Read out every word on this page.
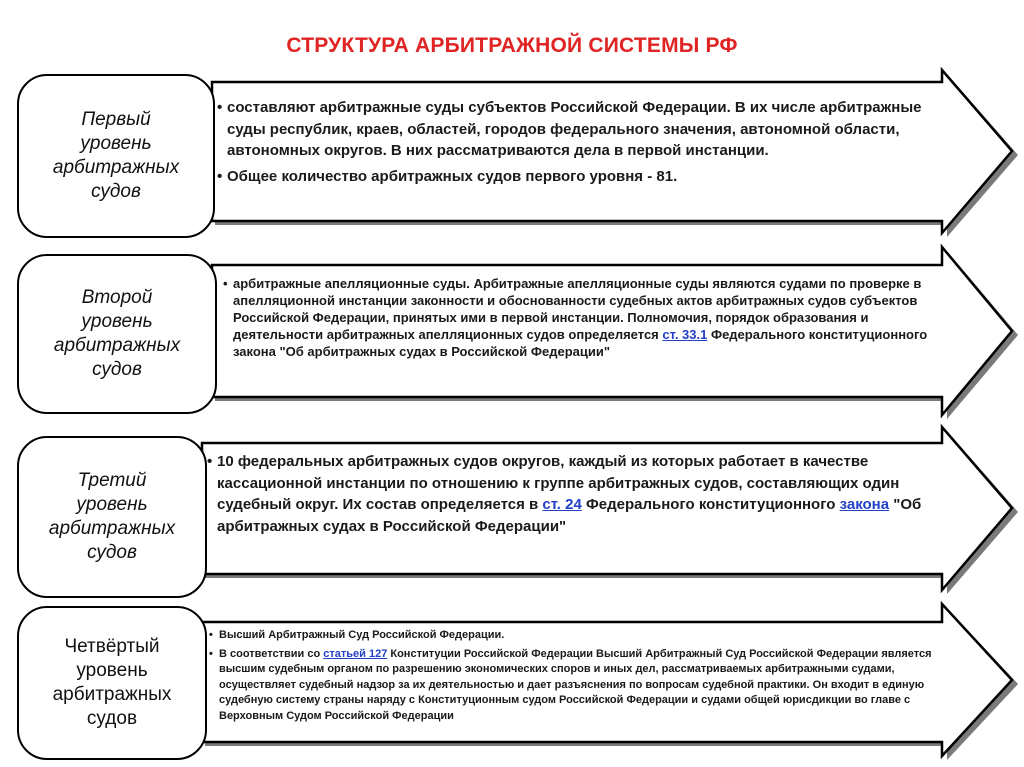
СТРУКТУРА АРБИТРАЖНОЙ СИСТЕМЫ РФ
Первый
уровень
арбитражных
судов
Второй
уровень
арбитражных
судов
Третий
уровень
арбитражных
судов
Четвёртый
уровень
арбитражных
судов
• составляют арбитражные суды субъектов Российской Федерации. В их числе арбитражные суды республик, краев, областей, городов федерального значения, автономной области, автономных округов. В них рассматриваются дела в первой инстанции.
• Общее количество арбитражных судов первого уровня - 81.
• арбитражные апелляционные суды. Арбитражные апелляционные суды являются судами по проверке в апелляционной инстанции законности и обоснованности судебных актов арбитражных судов субъектов Российской Федерации, принятых ими в первой инстанции. Полномочия, порядок образования и деятельности арбитражных апелляционных судов определяется ст. 33.1 Федерального конституционного закона "Об арбитражных судах в Российской Федерации"
• 10 федеральных арбитражных судов округов, каждый из которых работает в качестве кассационной инстанции по отношению к группе арбитражных судов, составляющих один судебный округ. Их состав определяется в ст. 24 Федерального конституционного закона "Об арбитражных судах в Российской Федерации"
• Высший Арбитражный Суд Российской Федерации.
• В соответствии со статьей 127 Конституции Российской Федерации Высший Арбитражный Суд Российской Федерации является высшим судебным органом по разрешению экономических споров и иных дел, рассматриваемых арбитражными судами, осуществляет судебный надзор за их деятельностью и дает разъяснения по вопросам судебной практики. Он входит в единую судебную систему страны наряду с Конституционным судом Российской Федерации и судами общей юрисдикции во главе с Верховным Судом Российской Федерации
